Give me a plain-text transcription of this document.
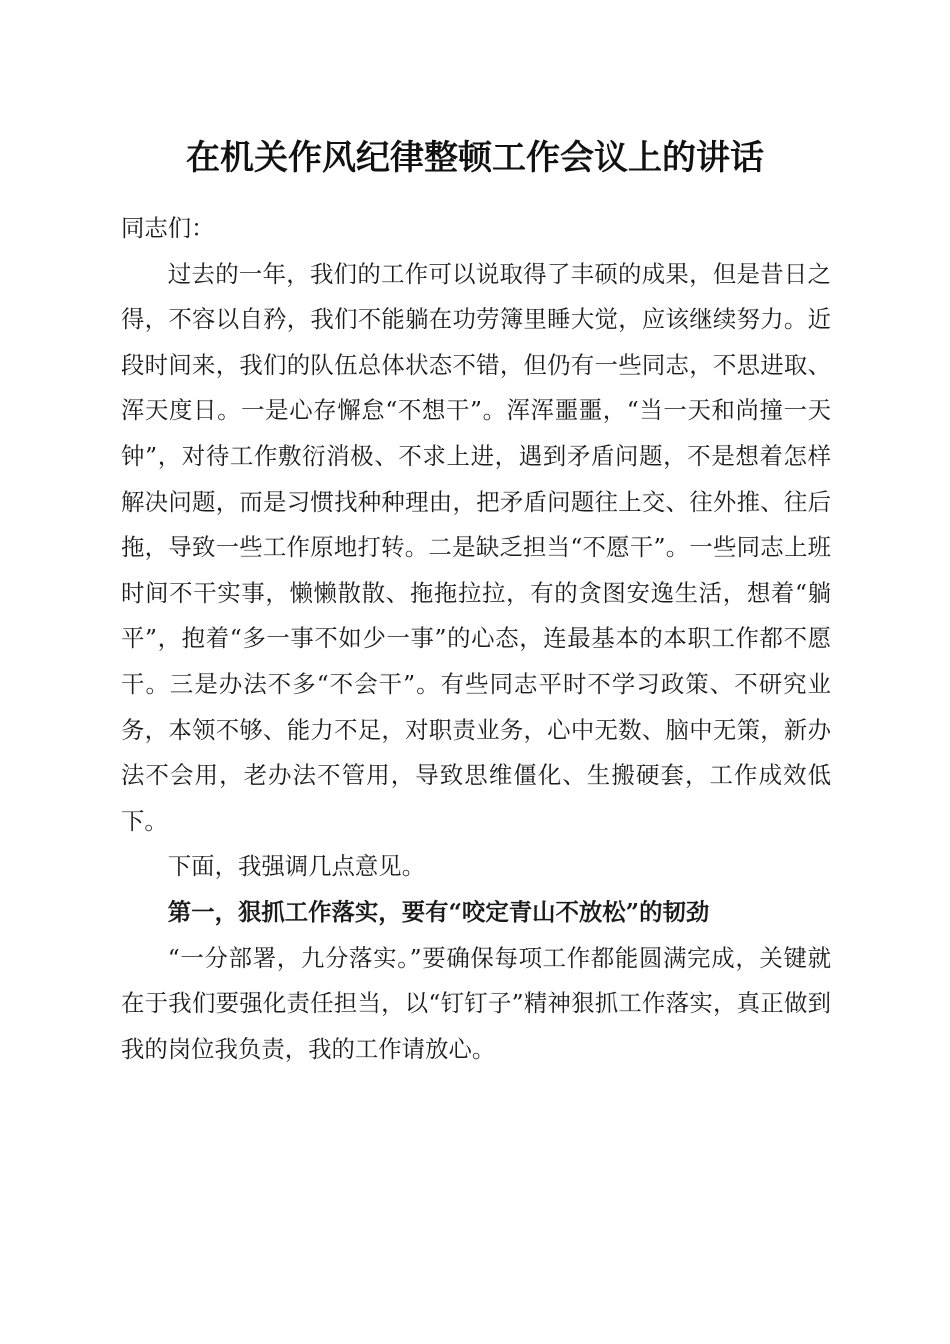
在机关作风纪律整顿工作会议上的讲话

同志们：

过去的一年，我们的工作可以说取得了丰硕的成果，但是昔日之得，不容以自矜，我们不能躺在功劳簿里睡大觉，应该继续努力。近段时间来，我们的队伍总体状态不错，但仍有一些同志，不思进取、浑天度日。一是心存懈怠“不想干”。浑浑噩噩，“当一天和尚撞一天钟”，对待工作敷衍消极、不求上进，遇到矛盾问题，不是想着怎样解决问题，而是习惯找种种理由，把矛盾问题往上交、往外推、往后拖，导致一些工作原地打转。二是缺乏担当“不愿干”。一些同志上班时间不干实事，懒懒散散、拖拖拉拉，有的贪图安逸生活，想着“躺平”，抱着“多一事不如少一事”的心态，连最基本的本职工作都不愿干。三是办法不多“不会干”。有些同志平时不学习政策、不研究业务，本领不够、能力不足，对职责业务，心中无数、脑中无策，新办法不会用，老办法不管用，导致思维僵化、生搬硬套，工作成效低下。

下面，我强调几点意见。

第一，狠抓工作落实，要有“咬定青山不放松”的韧劲

“一分部署，九分落实。”要确保每项工作都能圆满完成，关键就在于我们要强化责任担当，以“钉钉子”精神狠抓工作落实，真正做到我的岗位我负责，我的工作请放心。
